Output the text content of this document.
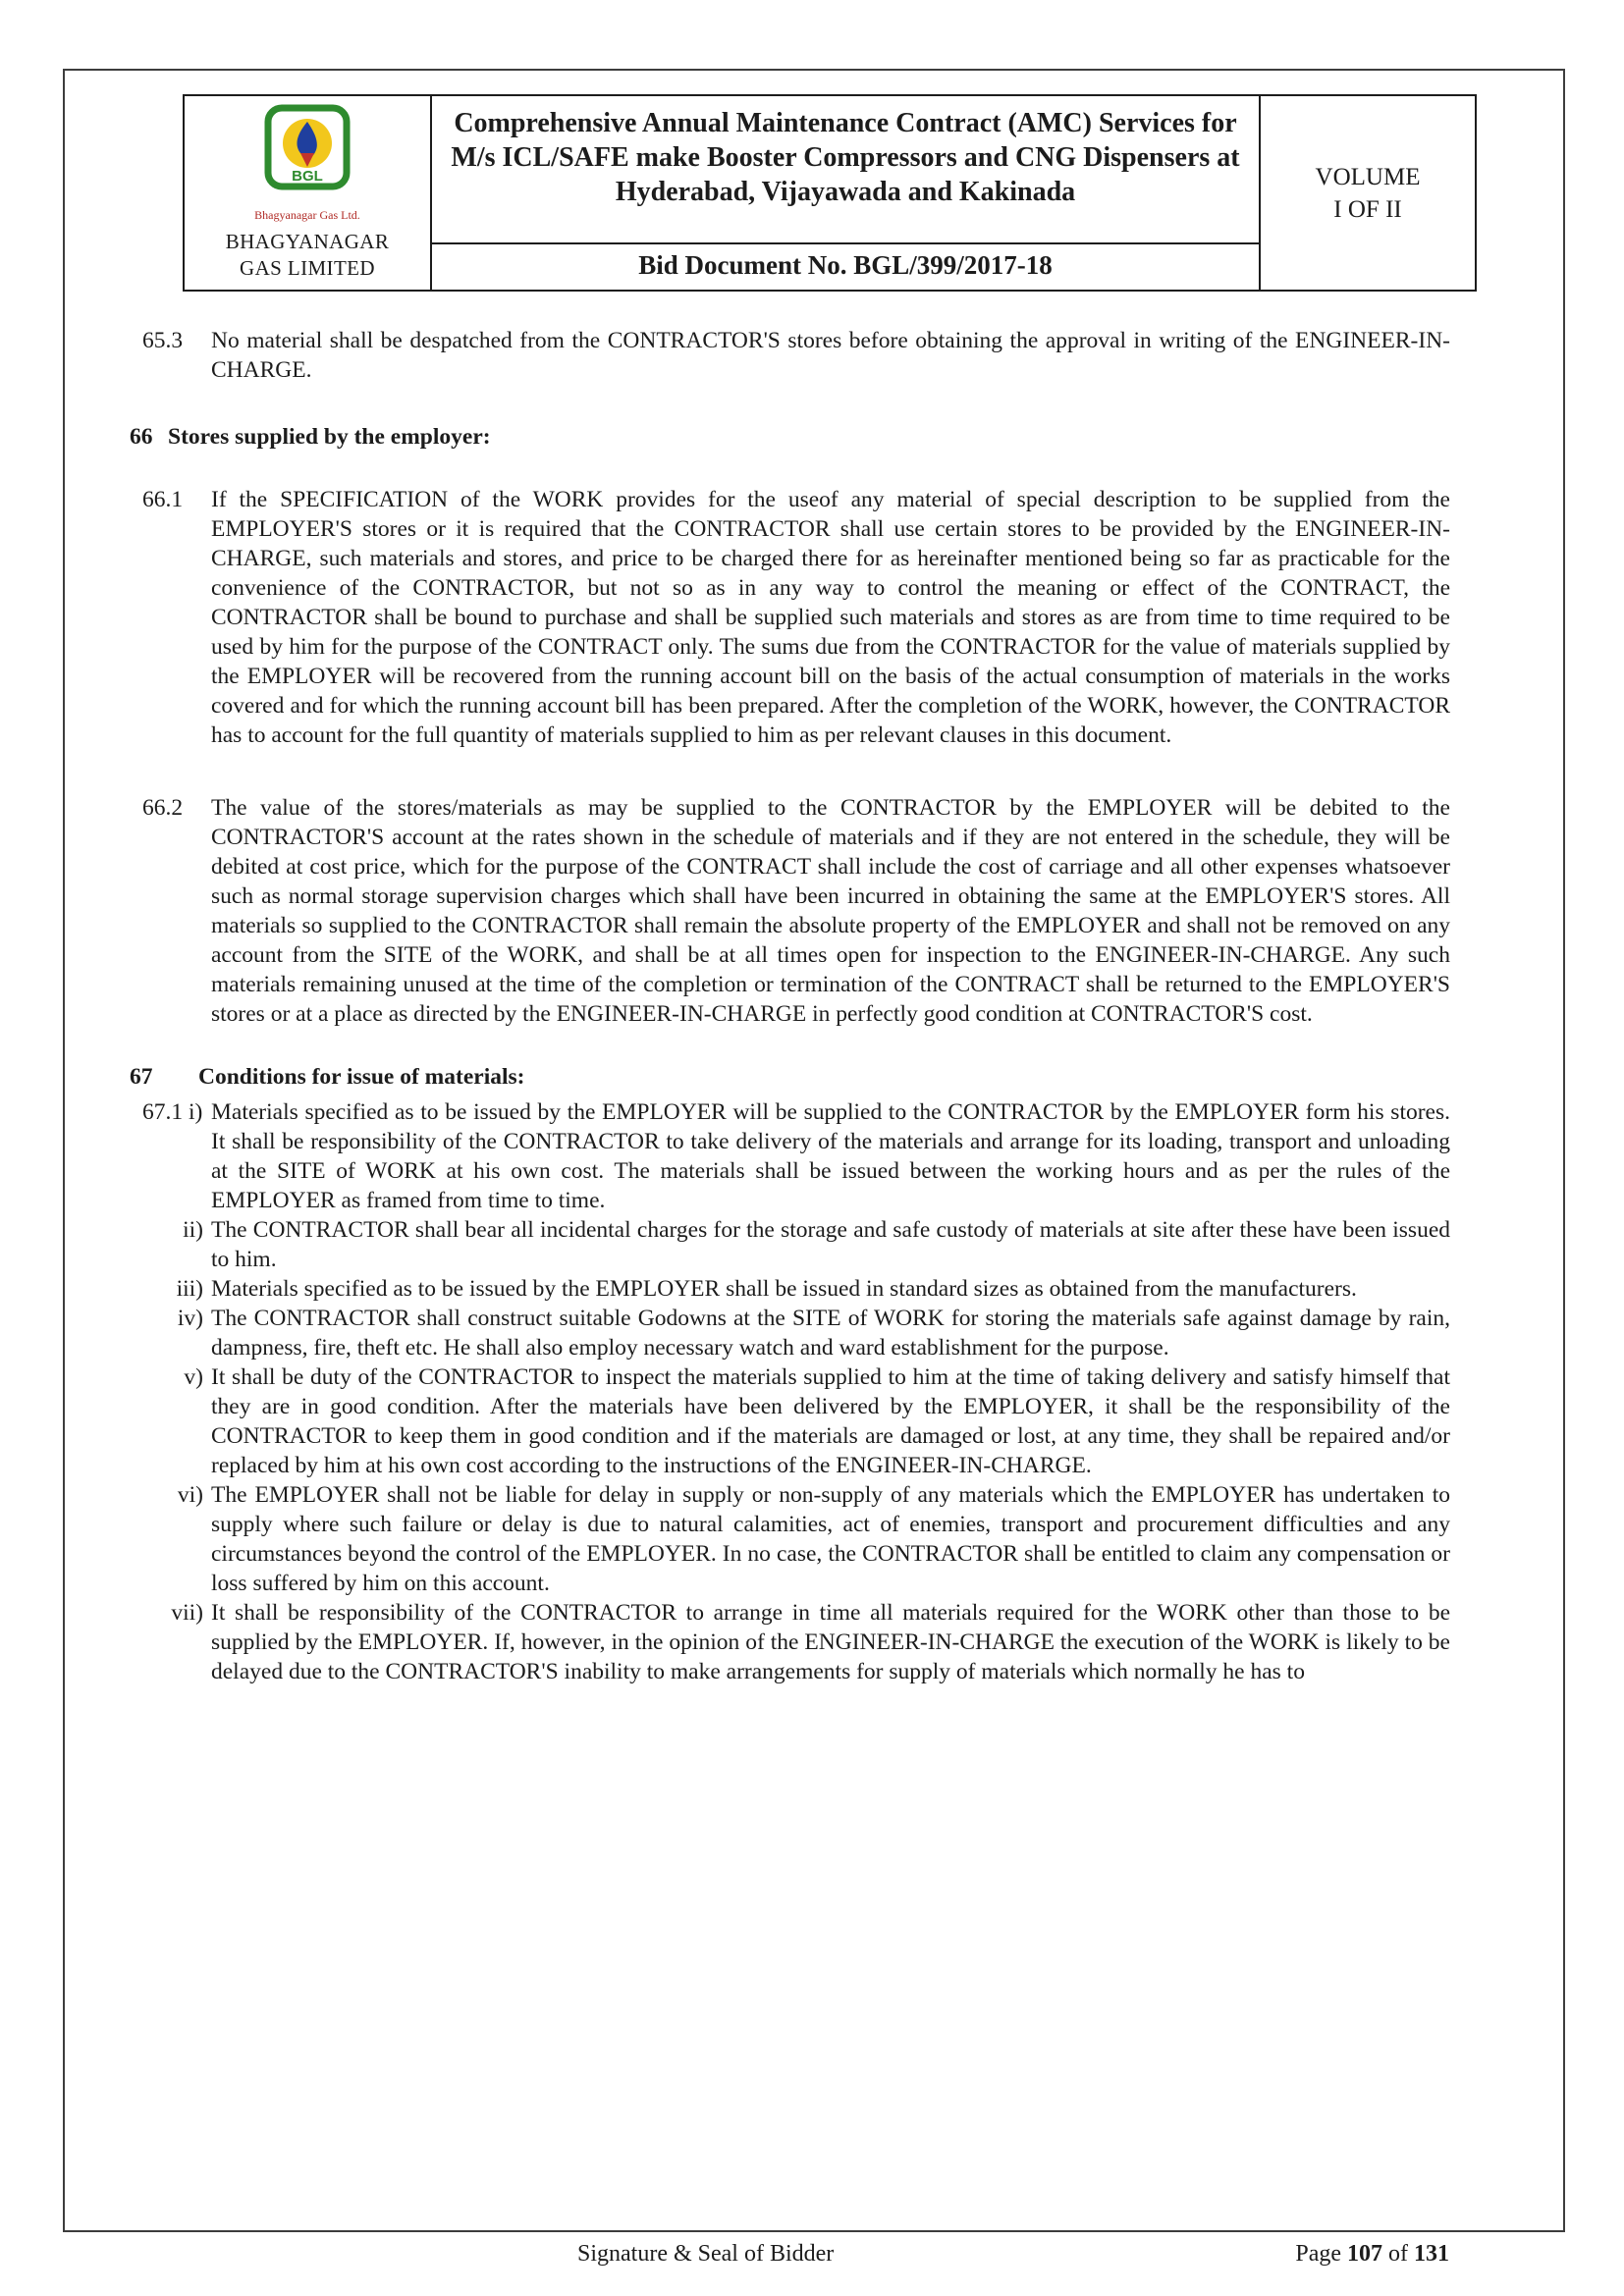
BGL
Bhagyanagar Gas Ltd.
BHAGYANAGAR
GAS LIMITED
Comprehensive Annual Maintenance Contract (AMC) Services for M/s ICL/SAFE make Booster Compressors and CNG Dispensers at Hyderabad, Vijayawada and Kakinada
Bid Document No. BGL/399/2017-18
VOLUME
I OF II
65.3	No material shall be despatched from the CONTRACTOR'S stores before obtaining the approval in writing of the ENGINEER-IN-CHARGE.
66 Stores supplied by the employer:
66.1	If the SPECIFICATION of the WORK provides for the useof any material of special description to be supplied from the EMPLOYER'S stores or it is required that the CONTRACTOR shall use certain stores to be provided by the ENGINEER-IN-CHARGE, such materials and stores, and price to be charged there for as hereinafter mentioned being so far as practicable for the convenience of the CONTRACTOR, but not so as in any way to control the meaning or effect of the CONTRACT, the CONTRACTOR shall be bound to purchase and shall be supplied such materials and stores as are from time to time required to be used by him for the purpose of the CONTRACT only. The sums due from the CONTRACTOR for the value of materials supplied by the EMPLOYER will be recovered from the running account bill on the basis of the actual consumption of materials in the works covered and for which the running account bill has been prepared. After the completion of the WORK, however, the CONTRACTOR has to account for the full quantity of materials supplied to him as per relevant clauses in this document.
66.2	The value of the stores/materials as may be supplied to the CONTRACTOR by the EMPLOYER will be debited to the CONTRACTOR'S account at the rates shown in the schedule of materials and if they are not entered in the schedule, they will be debited at cost price, which for the purpose of the CONTRACT shall include the cost of carriage and all other expenses whatsoever such as normal storage supervision charges which shall have been incurred in obtaining the same at the EMPLOYER'S stores. All materials so supplied to the CONTRACTOR shall remain the absolute property of the EMPLOYER and shall not be removed on any account from the SITE of the WORK, and shall be at all times open for inspection to the ENGINEER-IN-CHARGE. Any such materials remaining unused at the time of the completion or termination of the CONTRACT shall be returned to the EMPLOYER'S stores or at a place as directed by the ENGINEER-IN-CHARGE in perfectly good condition at CONTRACTOR'S cost.
67	Conditions for issue of materials:
67.1 i) Materials specified as to be issued by the EMPLOYER will be supplied to the CONTRACTOR by the EMPLOYER form his stores. It shall be responsibility of the CONTRACTOR to take delivery of the materials and arrange for its loading, transport and unloading at the SITE of WORK at his own cost. The materials shall be issued between the working hours and as per the rules of the EMPLOYER as framed from time to time.
ii) The CONTRACTOR shall bear all incidental charges for the storage and safe custody of materials at site after these have been issued to him.
iii) Materials specified as to be issued by the EMPLOYER shall be issued in standard sizes as obtained from the manufacturers.
iv) The CONTRACTOR shall construct suitable Godowns at the SITE of WORK for storing the materials safe against damage by rain, dampness, fire, theft etc. He shall also employ necessary watch and ward establishment for the purpose.
v) It shall be duty of the CONTRACTOR to inspect the materials supplied to him at the time of taking delivery and satisfy himself that they are in good condition. After the materials have been delivered by the EMPLOYER, it shall be the responsibility of the CONTRACTOR to keep them in good condition and if the materials are damaged or lost, at any time, they shall be repaired and/or replaced by him at his own cost according to the instructions of the ENGINEER-IN-CHARGE.
vi) The EMPLOYER shall not be liable for delay in supply or non-supply of any materials which the EMPLOYER has undertaken to supply where such failure or delay is due to natural calamities, act of enemies, transport and procurement difficulties and any circumstances beyond the control of the EMPLOYER. In no case, the CONTRACTOR shall be entitled to claim any compensation or loss suffered by him on this account.
vii) It shall be responsibility of the CONTRACTOR to arrange in time all materials required for the WORK other than those to be supplied by the EMPLOYER. If, however, in the opinion of the ENGINEER-IN-CHARGE the execution of the WORK is likely to be delayed due to the CONTRACTOR'S inability to make arrangements for supply of materials which normally he has to
Signature & Seal of Bidder	Page 107 of 131
